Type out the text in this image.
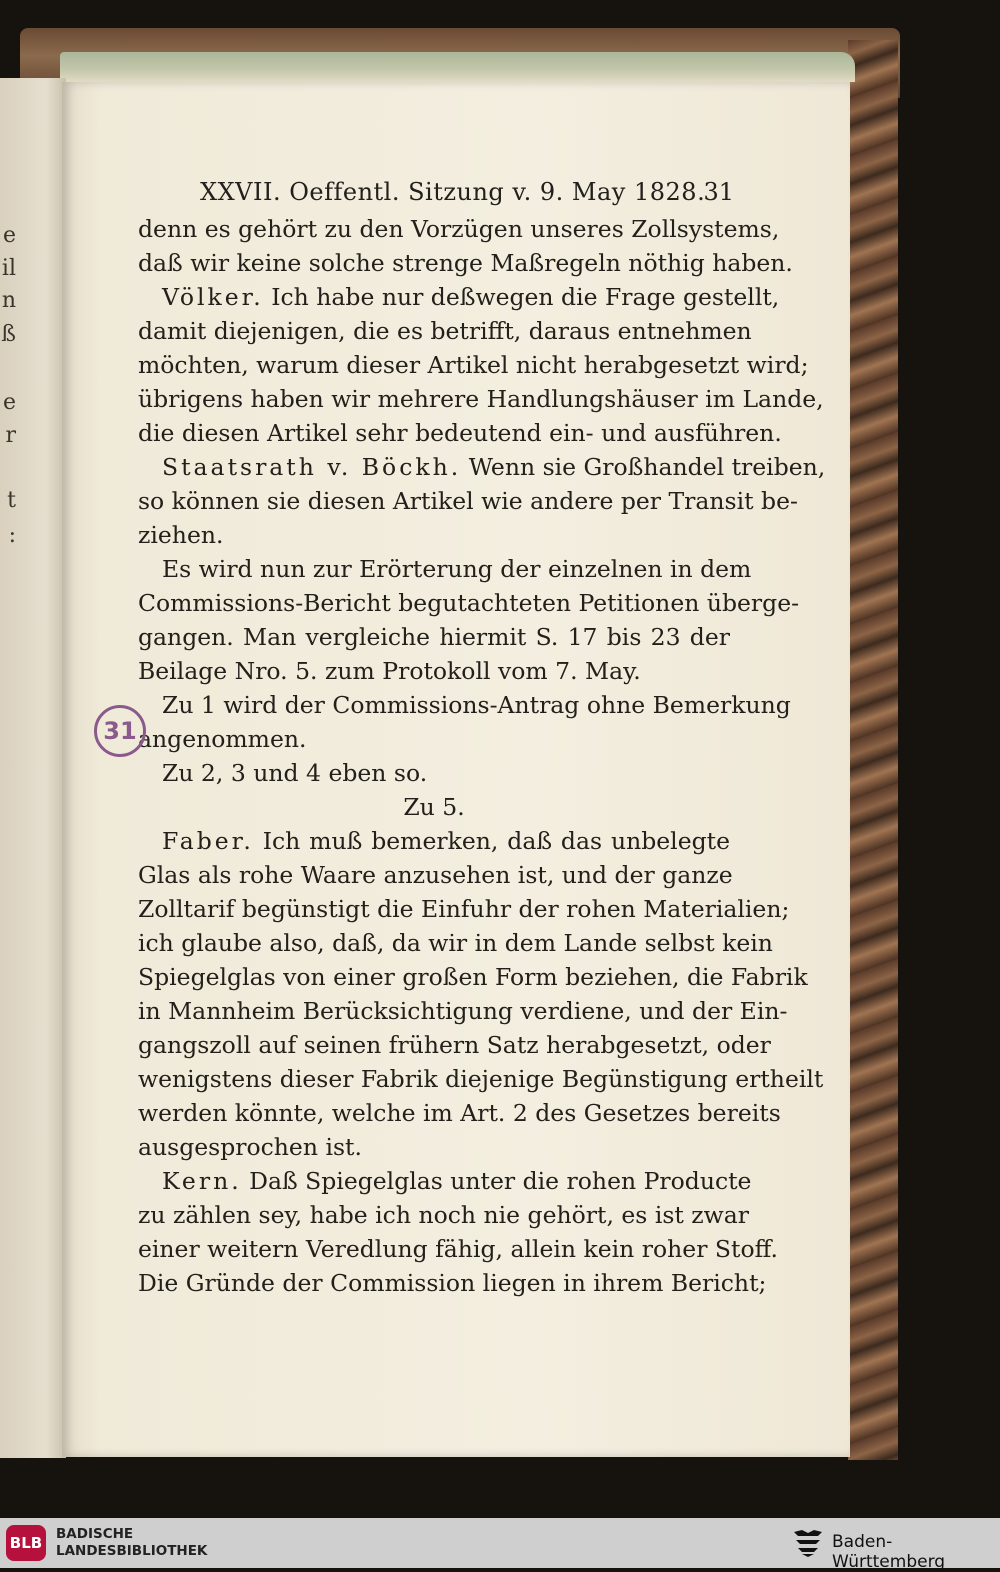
e
il
n
ß
e
r
t
:
XXVII. Oeffentl. Sitzung v. 9. May 1828.
31
denn es gehört zu den Vorzügen unseres Zollsystems,
daß wir keine solche strenge Maßregeln nöthig haben.
Völker. Ich habe nur deßwegen die Frage gestellt,
damit diejenigen, die es betrifft, daraus entnehmen
möchten, warum dieser Artikel nicht herabgesetzt wird;
übrigens haben wir mehrere Handlungshäuser im Lande,
die diesen Artikel sehr bedeutend ein- und ausführen.
Staatsrath v. Böckh. Wenn sie Großhandel treiben,
so können sie diesen Artikel wie andere per Transit be-
ziehen.
Es wird nun zur Erörterung der einzelnen in dem
Commissions-Bericht begutachteten Petitionen überge-
gangen. Man vergleiche hiermit S. 17 bis 23 der
Beilage Nro. 5. zum Protokoll vom 7. May.
Zu 1 wird der Commissions-Antrag ohne Bemerkung
angenommen.
Zu 2, 3 und 4 eben so.
Zu 5.
Faber. Ich muß bemerken, daß das unbelegte
Glas als rohe Waare anzusehen ist, und der ganze
Zolltarif begünstigt die Einfuhr der rohen Materialien;
ich glaube also, daß, da wir in dem Lande selbst kein
Spiegelglas von einer großen Form beziehen, die Fabrik
in Mannheim Berücksichtigung verdiene, und der Ein-
gangszoll auf seinen frühern Satz herabgesetzt, oder
wenigstens dieser Fabrik diejenige Begünstigung ertheilt
werden könnte, welche im Art. 2 des Gesetzes bereits
ausgesprochen ist.
Kern. Daß Spiegelglas unter die rohen Producte
zu zählen sey, habe ich noch nie gehört, es ist zwar
einer weitern Veredlung fähig, allein kein roher Stoff.
Die Gründe der Commission liegen in ihrem Bericht;
31
BLB BADISCHE
LANDESBIBLIOTHEK	Baden-Württemberg
